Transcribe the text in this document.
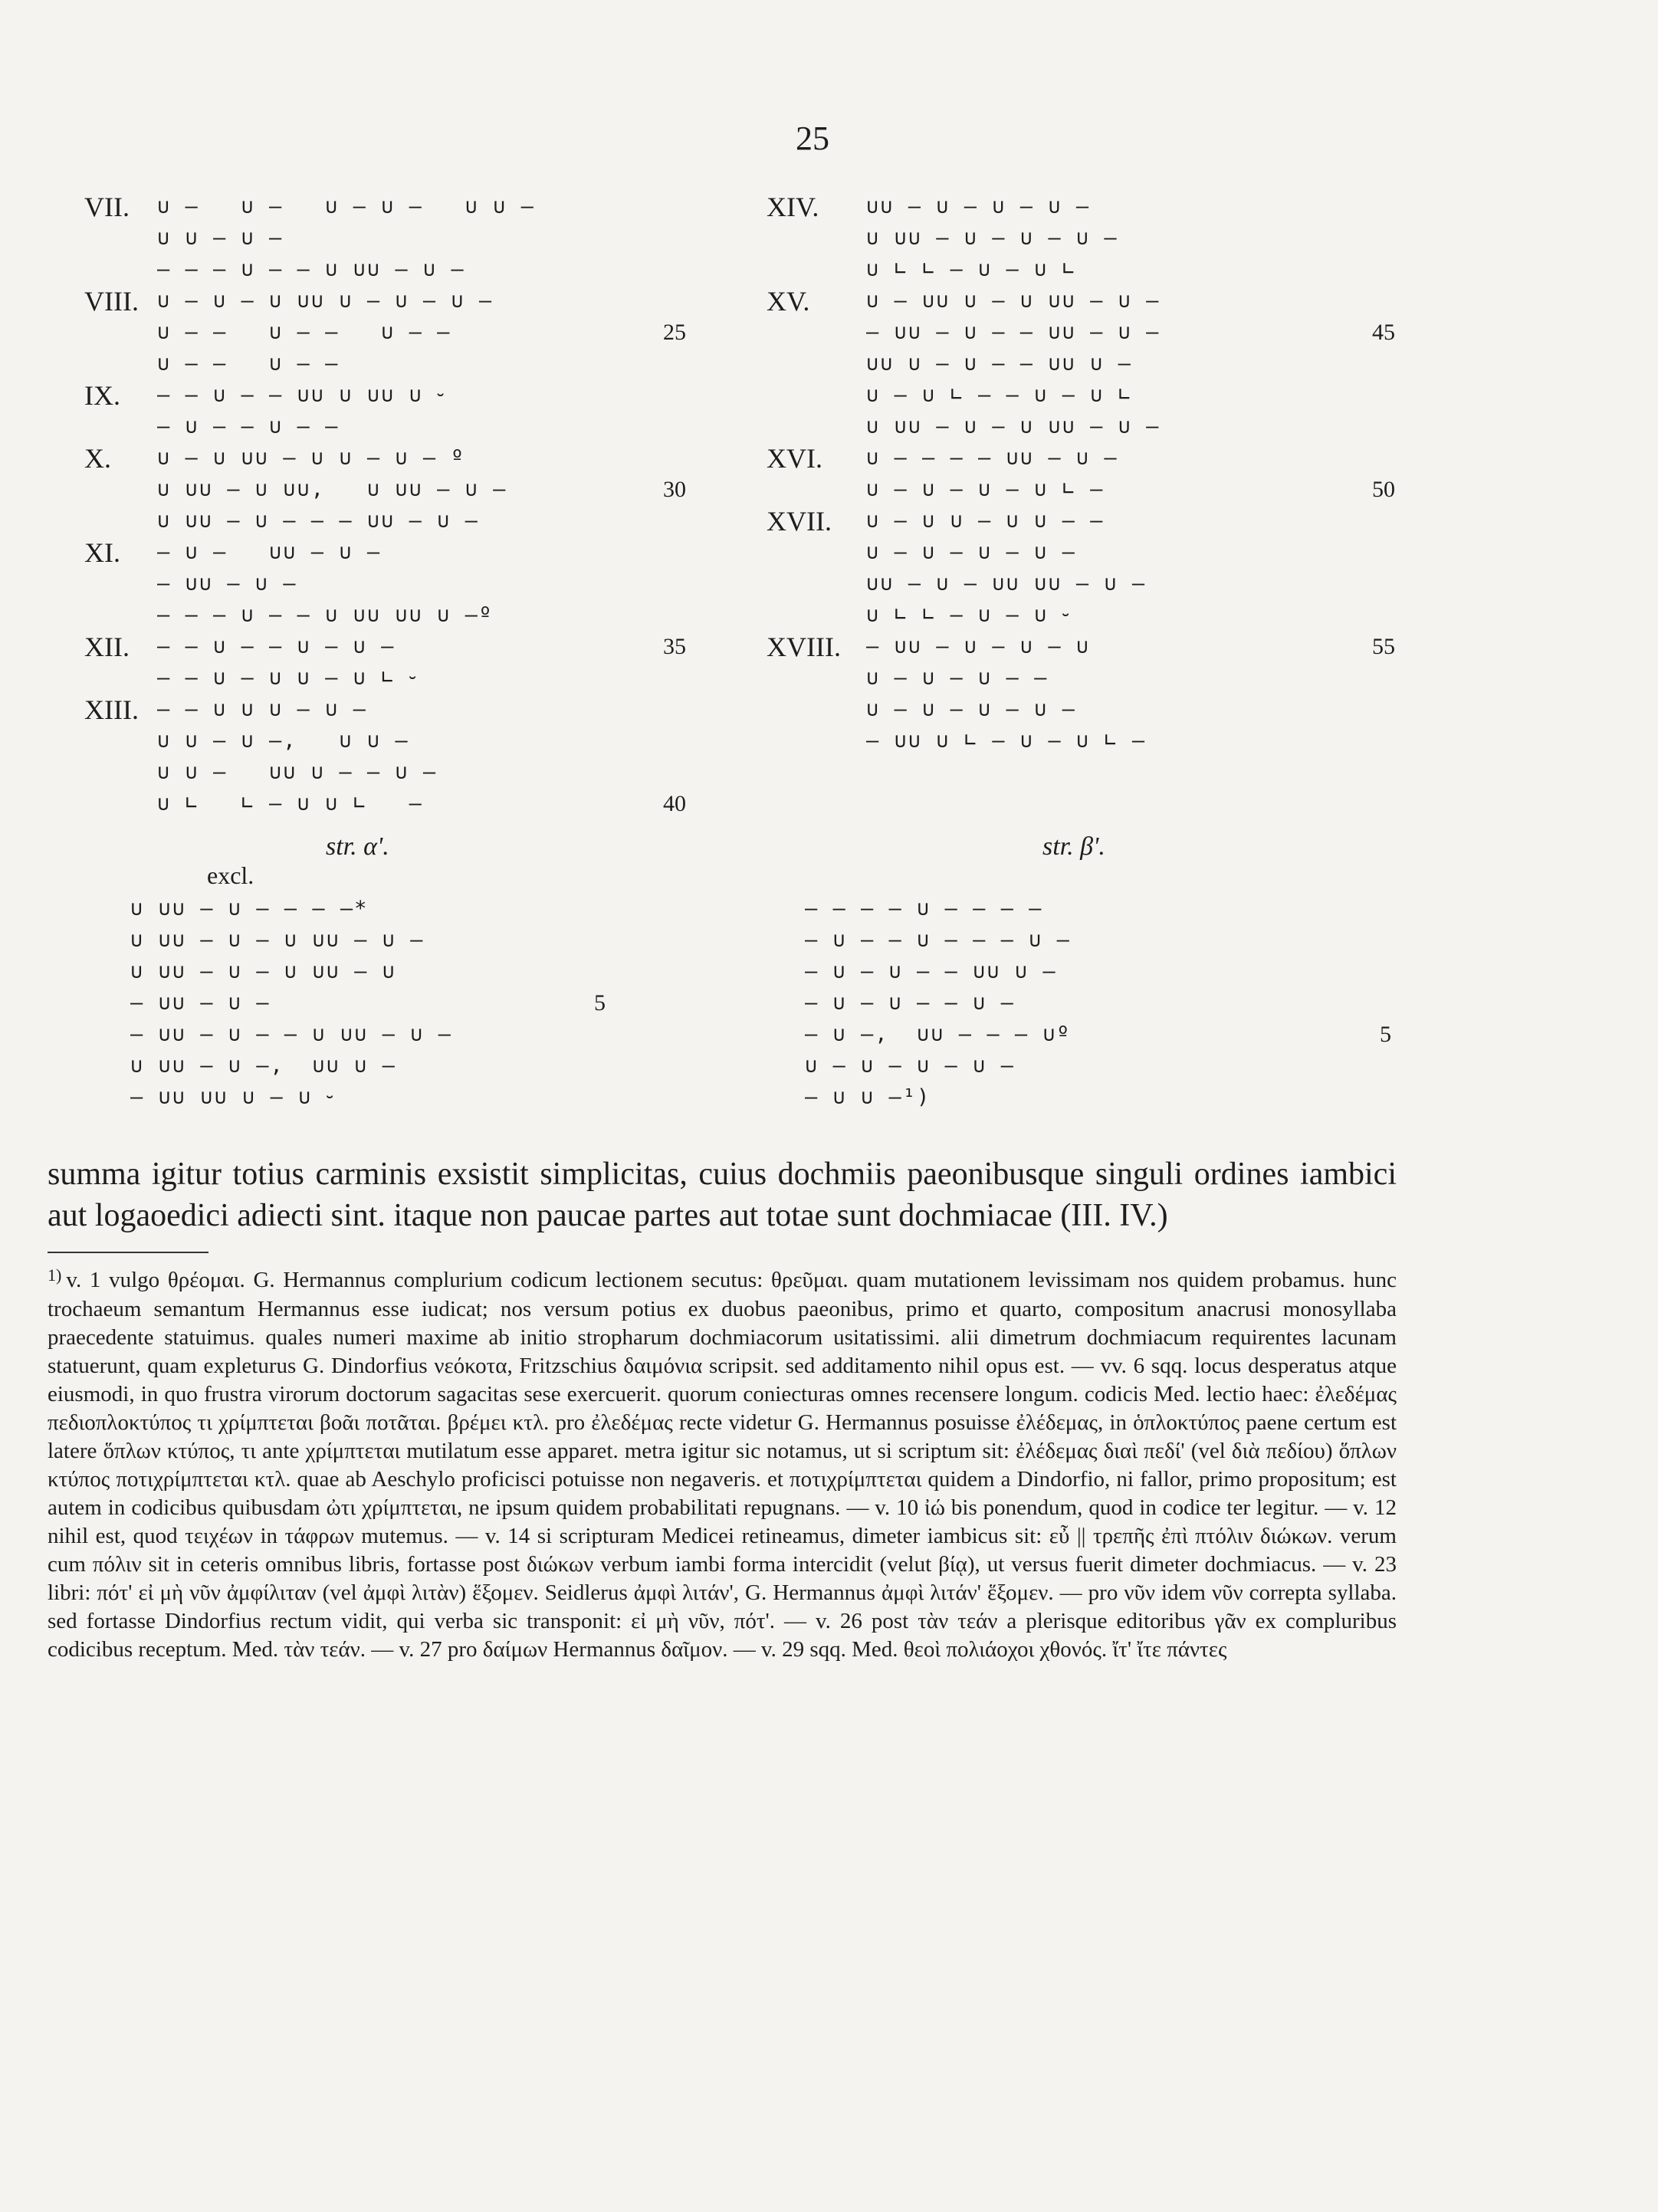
25
VII. ∪ —   ∪ —   ∪ — ∪ —   ∪ ∪ —
∪ ∪ — ∪ —
— — — ∪ — — ∪ ∪∪ — ∪ —
VIII. ∪ — ∪ — ∪ ∪∪ ∪ — ∪ — ∪ —
∪ — —   ∪ — —   ∪ — —	25
∪ — —   ∪ — —
IX. — — ∪ — — ∪∪ ∪ ∪∪ ∪ ⏑
— ∪ — — ∪ — —
X. ∪ — ∪ ∪∪ — ∪ ∪ — ∪ — º
∪ ∪∪ — ∪ ∪∪,   ∪ ∪∪ — ∪ —	30
∪ ∪∪ — ∪ — — — ∪∪ — ∪ —
XI. — ∪ —   ∪∪ — ∪ —
— ∪∪ — ∪ —
— — — ∪ — — ∪ ∪∪ ∪∪ ∪ —º
XII. — — ∪ — — ∪ — ∪ —	35
— — ∪ — ∪ ∪ — ∪ ∟ ⏑
XIII. — — ∪ ∪ ∪ — ∪ —
∪ ∪ — ∪ —,   ∪ ∪ —
∪ ∪ —   ∪∪ ∪ — — ∪ —
∪ ∟   ∟ — ∪ ∪ ∟   —	40
str. α'.
excl.
∪ ∪∪ — ∪ — — — —*
∪ ∪∪ — ∪ — ∪ ∪∪ — ∪ —
∪ ∪∪ — ∪ — ∪ ∪∪ — ∪
— ∪∪ — ∪ —	5
— ∪∪ — ∪ — — ∪ ∪∪ — ∪ —
∪ ∪∪ — ∪ —,  ∪∪ ∪ —
— ∪∪ ∪∪ ∪ — ∪ ⏑
XIV. ∪∪ — ∪ — ∪ — ∪ —
∪ ∪∪ — ∪ — ∪ — ∪ —
∪ ∟ ∟ — ∪ — ∪ ∟
XV.	∪ — ∪∪ ∪ — ∪ ∪∪ — ∪ —
— ∪∪ — ∪ — — ∪∪ — ∪ —	45
∪∪ ∪ — ∪ — — ∪∪ ∪ —
∪ — ∪ ∟ — — ∪ — ∪ ∟
∪ ∪∪ — ∪ — ∪ ∪∪ — ∪ —
XVI. ∪ — — — — ∪∪ — ∪ —
∪ — ∪ — ∪ — ∪ ∟ —	50
XVII. ∪ — ∪ ∪ — ∪ ∪ — —
∪ — ∪ — ∪ — ∪ —
∪∪ — ∪ — ∪∪ ∪∪ — ∪ —
∪ ∟ ∟ — ∪ — ∪ ⏑
XVIII. — ∪∪ — ∪ — ∪ — ∪	55
∪ — ∪ — ∪ — —
∪ — ∪ — ∪ — ∪ —
— ∪∪ ∪ ∟ — ∪ — ∪ ∟ —
str. β'.
— — — — ∪ — — — —
— ∪ — — ∪ — — — ∪ —
— ∪ — ∪ — — ∪∪ ∪ —
— ∪ — ∪ — — ∪ —
— ∪ —,  ∪∪ — — — ∪º	5
∪ — ∪ — ∪ — ∪ —
— ∪ ∪ —¹)
summa igitur totius carminis exsistit simplicitas, cuius dochmiis paeonibusque singuli ordines iambici aut logaoedici adiecti sint. itaque non paucae partes aut totae sunt dochmiacae (III. IV.)
$^{1)}$ v. 1 vulgo θρέομαι. G. Hermannus complurium codicum lectionem secutus: θρεῦμαι. quam mutationem levissimam nos quidem probamus. hunc trochaeum semantum Hermannus esse iudicat; nos versum potius ex duobus paeonibus, primo et quarto, compositum anacrusi monosyllaba praecedente statuimus. quales numeri maxime ab initio stropharum dochmiacorum usitatissimi. alii dimetrum dochmiacum requirentes lacunam statuerunt, quam expleturus G. Dindorfius νεόκοτα, Fritzschius δαιμόνια scripsit. sed additamento nihil opus est. — vv. 6 sqq. locus desperatus atque eiusmodi, in quo frustra virorum doctorum sagacitas sese exercuerit. quorum coniecturas omnes recensere longum. codicis Med. lectio haec: ἐλεδέμας πεδιοπλοκτύπος τι χρίμπτεται βοᾶι ποτᾶται. βρέμει κτλ. pro ἐλεδέμας recte videtur G. Hermannus posuisse ἐλέδεμας, in ὁπλοκτύπος paene certum est latere ὅπλων κτύπος, τι ante χρίμπτεται mutilatum esse apparet. metra igitur sic notamus, ut si scriptum sit: ἐλέδεμας διαὶ πεδί' (vel διὰ πεδίου) ὅπλων κτύπος ποτιχρίμπτεται κτλ. quae ab Aeschylo proficisci potuisse non negaveris. et ποτιχρίμπτεται quidem a Dindorfio, ni fallor, primo propositum; est autem in codicibus quibusdam ὠτι χρίμπτεται, ne ipsum quidem probabilitati repugnans. — v. 10 ἰώ bis ponendum, quod in codice ter legitur. — v. 12 nihil est, quod τειχέων in τάφρων mutemus. — v. 14 si scripturam Medicei retineamus, dimeter iambicus sit: εὖ || τρεπῆς ἐπὶ πτόλιν διώκων. verum cum πόλιν sit in ceteris omnibus libris, fortasse post διώκων verbum iambi forma intercidit (velut βίᾳ), ut versus fuerit dimeter dochmiacus. — v. 23 libri: πότ' εἰ μὴ νῦν ἀμφίλιταν (vel ἀμφὶ λιτὰν) ἕξομεν. Seidlerus ἀμφὶ λιτάν', G. Hermannus ἀμφὶ λιτάν' ἕξομεν. — pro νῦν idem νῦν correpta syllaba. sed fortasse Dindorfius rectum vidit, qui verba sic transponit: εἰ μὴ νῦν, πότ'. — v. 26 post τὰν τεάν a plerisque editoribus γᾶν ex compluribus codicibus receptum. Med. τὰν τεάν. — v. 27 pro δαίμων Hermannus δαῖμον. — v. 29 sqq. Med. θεοὶ πολιάοχοι χθονός. ἴτ' ἴτε πάντες
